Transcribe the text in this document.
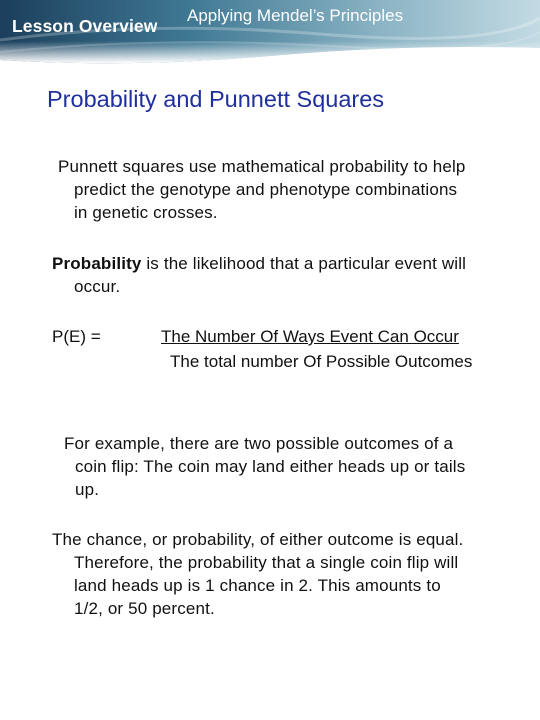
Lesson Overview
Applying Mendel’s Principles
Probability and Punnett Squares
Punnett squares use mathematical probability to help
predict the genotype and phenotype combinations
in genetic crosses.
Probability is the likelihood that a particular event will
occur.
P(E) =	The Number Of Ways Event Can Occur
The total number Of Possible Outcomes
For example, there are two possible outcomes of a
coin flip: The coin may land either heads up or tails
up.
The chance, or probability, of either outcome is equal.
Therefore, the probability that a single coin flip will
land heads up is 1 chance in 2. This amounts to
1/2, or 50 percent.
